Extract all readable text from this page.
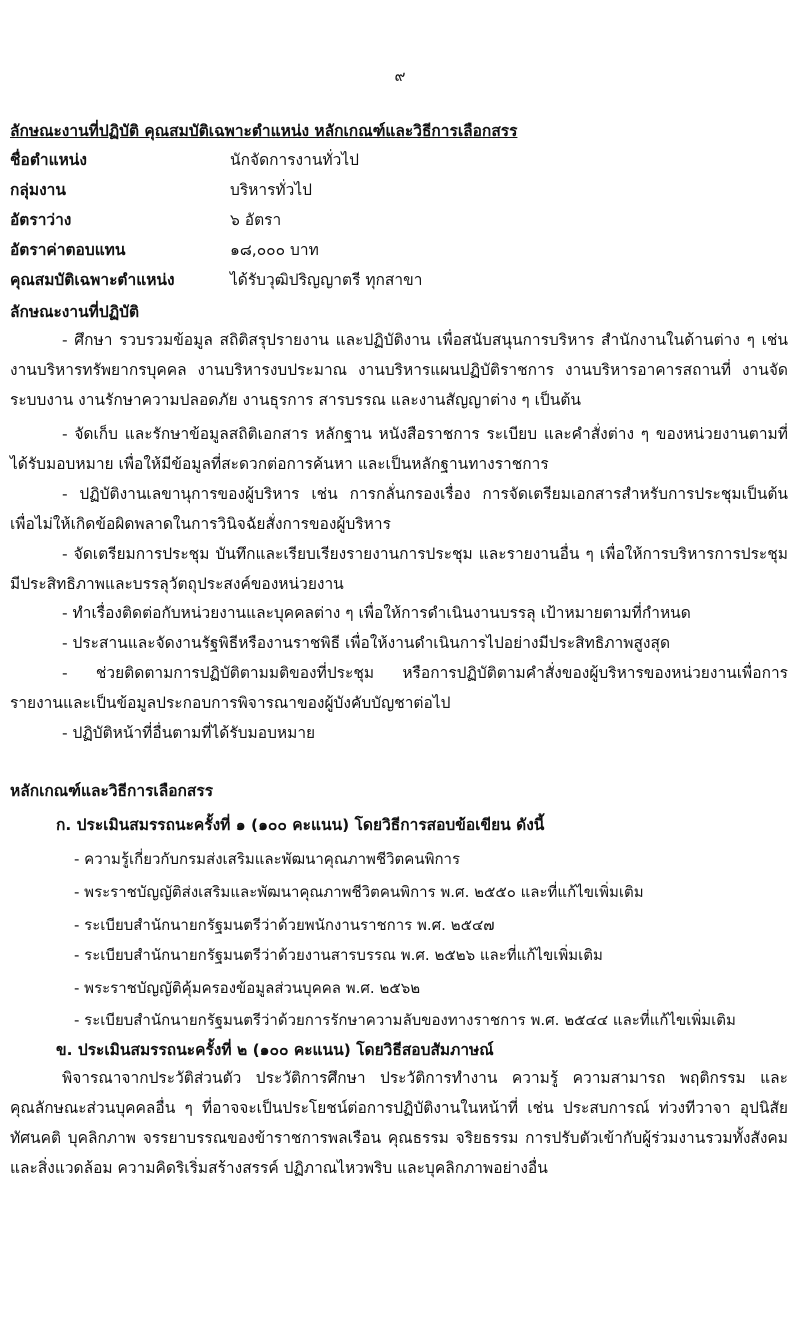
๙
ลักษณะงานที่ปฏิบัติ คุณสมบัติเฉพาะตำแหน่ง หลักเกณฑ์และวิธีการเลือกสรร
ชื่อตำแหน่ง	นักจัดการงานทั่วไป
กลุ่มงาน	บริหารทั่วไป
อัตราว่าง	๖ อัตรา
อัตราค่าตอบแทน	๑๘,๐๐๐ บาท
คุณสมบัติเฉพาะตำแหน่ง	ได้รับวุฒิปริญญาตรี ทุกสาขา
ลักษณะงานที่ปฏิบัติ
- ศึกษา รวบรวมข้อมูล สถิติสรุปรายงาน และปฏิบัติงาน เพื่อสนับสนุนการบริหาร สำนักงานในด้านต่าง ๆ เช่น งานบริหารทรัพยากรบุคคล งานบริหารงบประมาณ งานบริหารแผนปฏิบัติราชการ งานบริหารอาคารสถานที่ งานจัดระบบงาน งานรักษาความปลอดภัย งานธุรการ สารบรรณ และงานสัญญาต่าง ๆ เป็นต้น
- จัดเก็บ และรักษาข้อมูลสถิติเอกสาร หลักฐาน หนังสือราชการ ระเบียบ และคำสั่งต่าง ๆ ของหน่วยงานตามที่ได้รับมอบหมาย เพื่อให้มีข้อมูลที่สะดวกต่อการค้นหา และเป็นหลักฐานทางราชการ
- ปฏิบัติงานเลขานุการของผู้บริหาร เช่น การกลั่นกรองเรื่อง การจัดเตรียมเอกสารสำหรับการประชุมเป็นต้น เพื่อไม่ให้เกิดข้อผิดพลาดในการวินิจฉัยสั่งการของผู้บริหาร
- จัดเตรียมการประชุม บันทึกและเรียบเรียงรายงานการประชุม และรายงานอื่น ๆ เพื่อให้การบริหารการประชุมมีประสิทธิภาพและบรรลุวัตถุประสงค์ของหน่วยงาน
- ทำเรื่องติดต่อกับหน่วยงานและบุคคลต่าง ๆ เพื่อให้การดำเนินงานบรรลุ เป้าหมายตามที่กำหนด
- ประสานและจัดงานรัฐพิธีหรืองานราชพิธี เพื่อให้งานดำเนินการไปอย่างมีประสิทธิภาพสูงสุด
- ช่วยติดตามการปฏิบัติตามมติของที่ประชุม หรือการปฏิบัติตามคำสั่งของผู้บริหารของหน่วยงานเพื่อการรายงานและเป็นข้อมูลประกอบการพิจารณาของผู้บังคับบัญชาต่อไป
- ปฏิบัติหน้าที่อื่นตามที่ได้รับมอบหมาย
หลักเกณฑ์และวิธีการเลือกสรร
ก. ประเมินสมรรถนะครั้งที่ ๑ (๑๐๐ คะแนน) โดยวิธีการสอบข้อเขียน ดังนี้
- ความรู้เกี่ยวกับกรมส่งเสริมและพัฒนาคุณภาพชีวิตคนพิการ
- พระราชบัญญัติส่งเสริมและพัฒนาคุณภาพชีวิตคนพิการ พ.ศ. ๒๕๕๐ และที่แก้ไขเพิ่มเติม
- ระเบียบสำนักนายกรัฐมนตรีว่าด้วยพนักงานราชการ พ.ศ. ๒๕๔๗
- ระเบียบสำนักนายกรัฐมนตรีว่าด้วยงานสารบรรณ พ.ศ. ๒๕๒๖ และที่แก้ไขเพิ่มเติม
- พระราชบัญญัติคุ้มครองข้อมูลส่วนบุคคล พ.ศ. ๒๕๖๒
- ระเบียบสำนักนายกรัฐมนตรีว่าด้วยการรักษาความลับของทางราชการ พ.ศ. ๒๕๔๔ และที่แก้ไขเพิ่มเติม
ข. ประเมินสมรรถนะครั้งที่ ๒ (๑๐๐ คะแนน) โดยวิธีสอบสัมภาษณ์
พิจารณาจากประวัติส่วนตัว ประวัติการศึกษา ประวัติการทำงาน ความรู้ ความสามารถ พฤติกรรม และคุณลักษณะส่วนบุคคลอื่น ๆ ที่อาจจะเป็นประโยชน์ต่อการปฏิบัติงานในหน้าที่ เช่น ประสบการณ์ ท่วงทีวาจา อุปนิสัย ทัศนคติ บุคลิกภาพ จรรยาบรรณของข้าราชการพลเรือน คุณธรรม จริยธรรม การปรับตัวเข้ากับผู้ร่วมงานรวมทั้งสังคมและสิ่งแวดล้อม ความคิดริเริ่มสร้างสรรค์ ปฏิภาณไหวพริบ และบุคลิกภาพอย่างอื่น
